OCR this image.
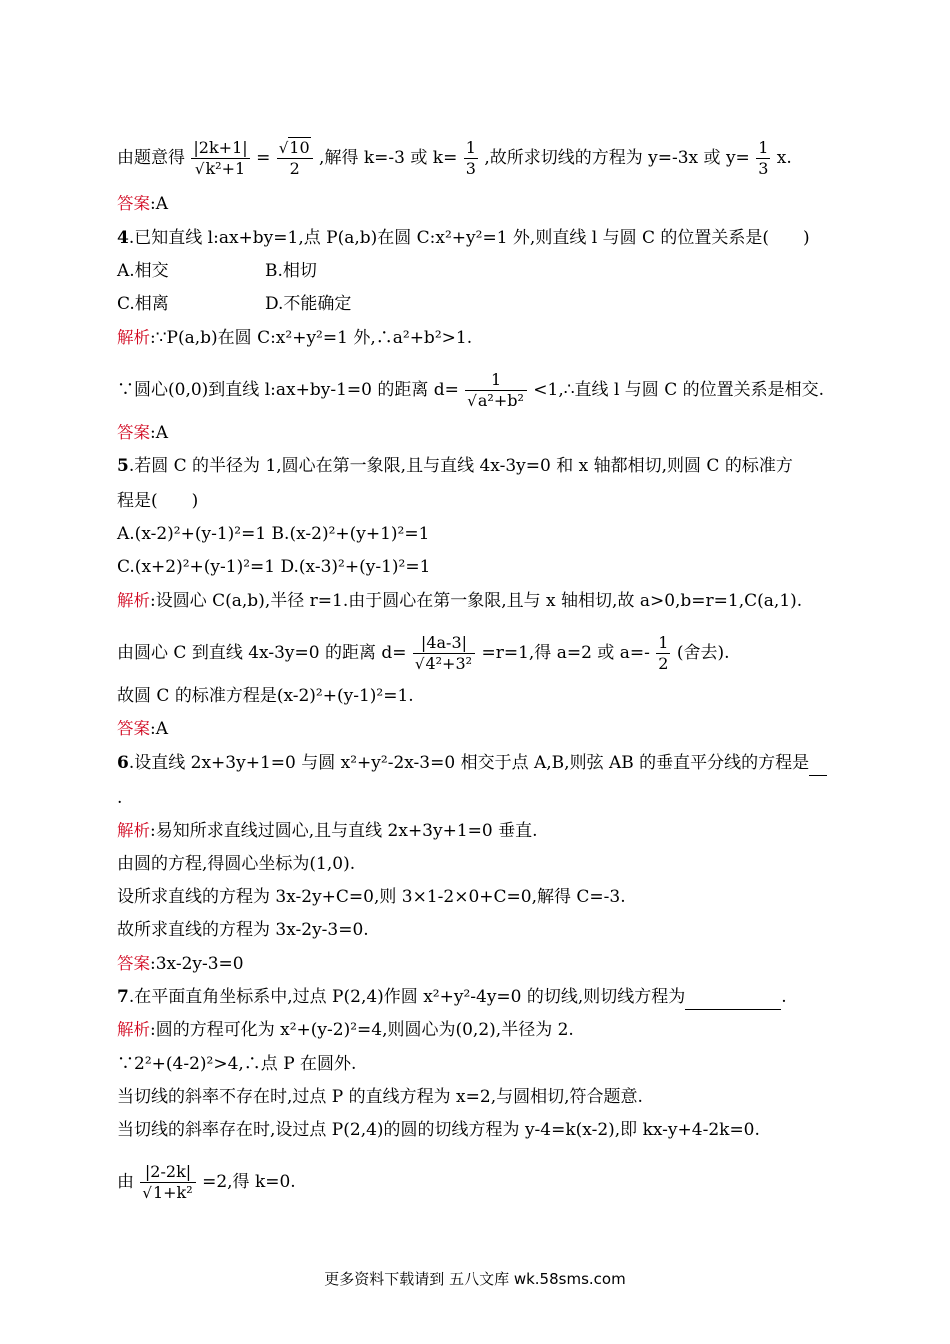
由题意得 $\frac{|2k+1|}{\text{√k²+1}} = \frac{√10}{2}$ ,解得 k=-3 或 $k= \frac{1}{3}$ ,故所求切线的方程为 y=-3x 或 $y= \frac{1}{3} x$.
答案:A
4.已知直线 l:ax+by=1,点 P(a,b)在圆 C:x²+y²=1 外,则直线 l 与圆 C 的位置关系是(　　)
A.相交	B.相切
C.相离	D.不能确定
解析:∵P(a,b)在圆 C:x²+y²=1 外,∴a²+b²>1.
∵圆心(0,0)到直线 l:ax+by-1=0 的距离 $d= \frac{1}{\text{√a²+b²}}$ <1,∴直线 l 与圆 C 的位置关系是相交.
答案:A
5.若圆 C 的半径为 1,圆心在第一象限,且与直线 4x-3y=0 和 x 轴都相切,则圆 C 的标准方
程是(　　)
A.(x-2)²+(y-1)²=1 B.(x-2)²+(y+1)²=1
C.(x+2)²+(y-1)²=1 D.(x-3)²+(y-1)²=1
解析:设圆心 C(a,b),半径 r=1.由于圆心在第一象限,且与 x 轴相切,故 a>0,b=r=1,C(a,1).
由圆心 C 到直线 4x-3y=0 的距离 $d= \frac{|4a-3|}{\text{√4²+3²}} =r=1$,得 a=2 或 $a=- \frac{1}{2}$ (舍去).
故圆 C 的标准方程是(x-2)²+(y-1)²=1.
答案:A
6.设直线 2x+3y+1=0 与圆 x²+y²-2x-3=0 相交于点 A,B,则弦 AB 的垂直平分线的方程是
.
解析:易知所求直线过圆心,且与直线 2x+3y+1=0 垂直.
由圆的方程,得圆心坐标为(1,0).
设所求直线的方程为 3x-2y+C=0,则 3×1-2×0+C=0,解得 C=-3.
故所求直线的方程为 3x-2y-3=0.
答案:3x-2y-3=0
7.在平面直角坐标系中,过点 P(2,4)作圆 x²+y²-4y=0 的切线,则切线方程为	.
解析:圆的方程可化为 x²+(y-2)²=4,则圆心为(0,2),半径为 2.
∵2²+(4-2)²>4,∴点 P 在圆外.
当切线的斜率不存在时,过点 P 的直线方程为 x=2,与圆相切,符合题意.
当切线的斜率存在时,设过点 P(2,4)的圆的切线方程为 y-4=k(x-2),即 kx-y+4-2k=0.
由 $\frac{|2-2k|}{\text{√1+k²}} =2$,得 k=0.
更多资料下载请到 五八文库 wk.58sms.com
